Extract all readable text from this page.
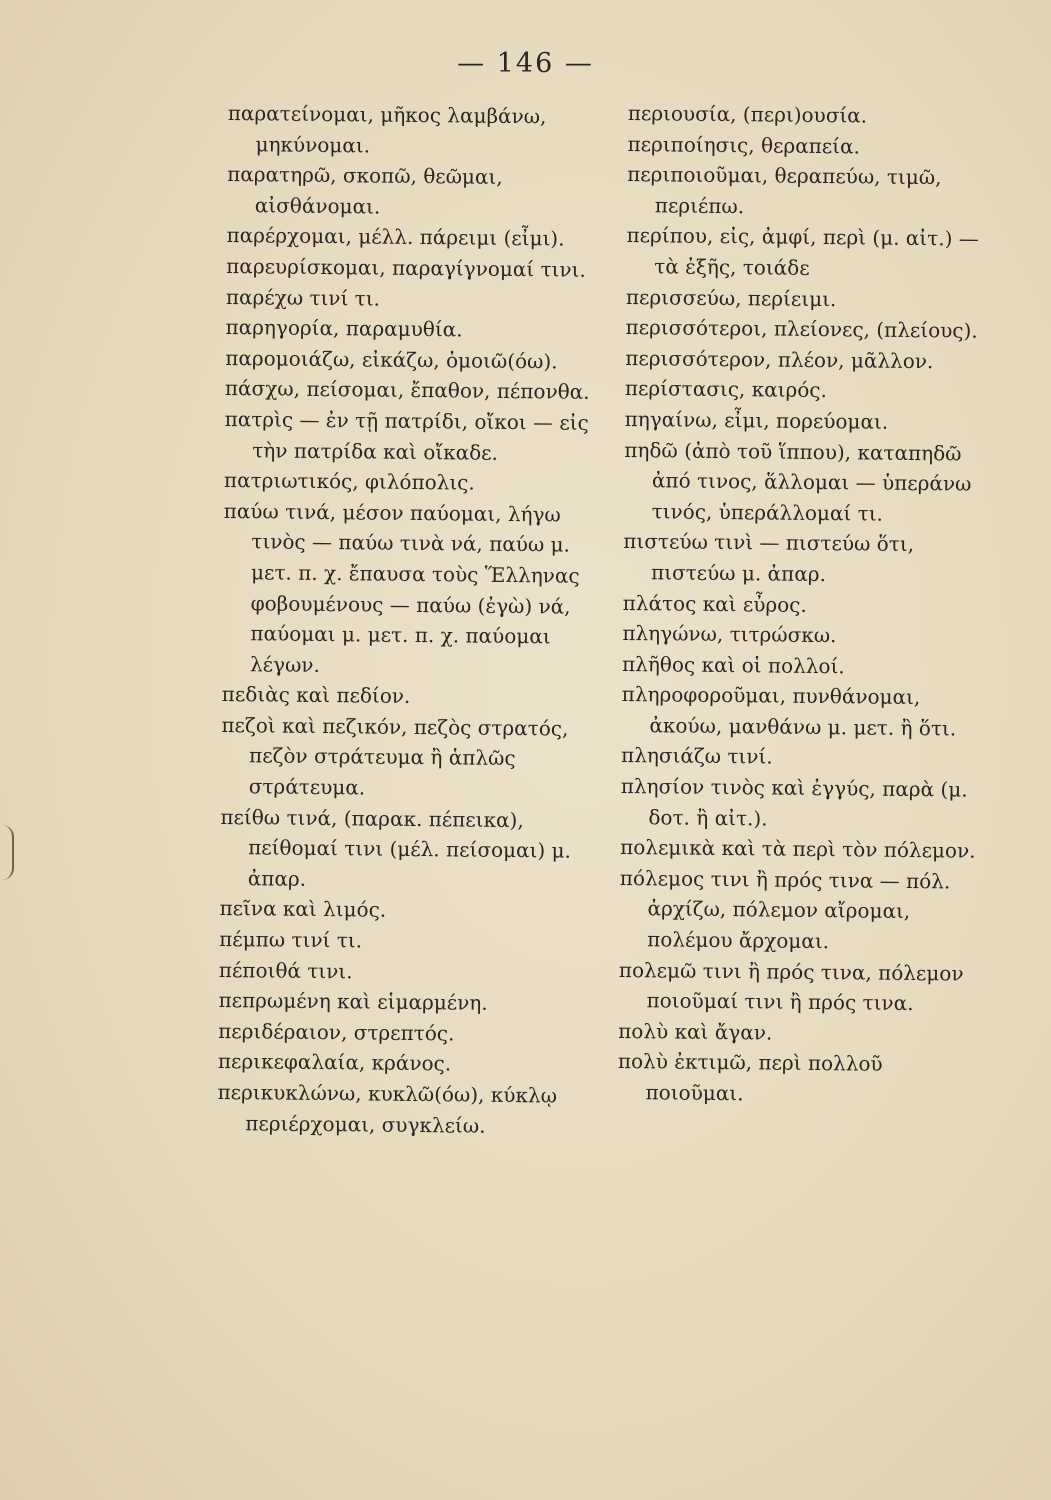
— 146 —
παρατείνομαι, μῆκος λαμβάνω, μηκύνομαι.
παρατηρῶ, σκοπῶ, θεῶμαι, αἰσθάνομαι.
παρέρχομαι, μέλλ. πάρειμι (εἶμι).
παρευρίσκομαι, παραγίγνομαί τινι.
παρέχω τινί τι.
παρηγορία, παραμυθία.
παρομοιάζω, εἰκάζω, ὁμοιῶ(όω).
πάσχω, πείσομαι, ἔπαθον, πέπονθα.
πατρὶς — ἐν τῇ πατρίδι, οἴκοι — εἰς τὴν πατρίδα καὶ οἴκαδε.
πατριωτικός, φιλόπολις.
παύω τινά, μέσον παύομαι, λήγω τινὸς — παύω τινὰ νά, παύω μ. μετ. π. χ. ἔπαυσα τοὺς Ἕλληνας φοβουμένους — παύω (ἐγὼ) νά, παύομαι μ. μετ. π. χ. παύομαι λέγων.
πεδιὰς καὶ πεδίον.
πεζοὶ καὶ πεζικόν, πεζὸς στρατός, πεζὸν στράτευμα ἢ ἁπλῶς στράτευμα.
πείθω τινά, (παρακ. πέπεικα), πείθομαί τινι (μέλ. πείσομαι) μ. ἀπαρ.
πεῖνα καὶ λιμός.
πέμπω τινί τι.
πέποιθά τινι.
πεπρωμένη καὶ εἱμαρμένη.
περιδέραιον, στρεπτός.
περικεφαλαία, κράνος.
περικυκλώνω, κυκλῶ(όω), κύκλῳ περιέρχομαι, συγκλείω.
περιουσία, (περι)ουσία.
περιποίησις, θεραπεία.
περιποιοῦμαι, θεραπεύω, τιμῶ, περιέπω.
περίπου, εἰς, ἀμφί, περὶ (μ. αἰτ.) — τὰ ἐξῆς, τοιάδε
περισσεύω, περίειμι.
περισσότεροι, πλείονες, (πλείους).
περισσότερον, πλέον, μᾶλλον.
περίστασις, καιρός.
πηγαίνω, εἶμι, πορεύομαι.
πηδῶ (ἀπὸ τοῦ ἵππου), καταπηδῶ ἀπό τινος, ἅλλομαι — ὑπεράνω τινός, ὑπεράλλομαί τι.
πιστεύω τινὶ — πιστεύω ὅτι, πιστεύω μ. ἀπαρ.
πλάτος καὶ εὖρος.
πληγώνω, τιτρώσκω.
πλῆθος καὶ οἱ πολλοί.
πληροφοροῦμαι, πυνθάνομαι, ἀκούω, μανθάνω μ. μετ. ἢ ὅτι.
πλησιάζω τινί.
πλησίον τινὸς καὶ ἐγγύς, παρὰ (μ. δοτ. ἢ αἰτ.).
πολεμικὰ καὶ τὰ περὶ τὸν πόλεμον.
πόλεμος τινι ἢ πρός τινα — πόλ. ἀρχίζω, πόλεμον αἴρομαι, πολέμου ἄρχομαι.
πολεμῶ τινι ἢ πρός τινα, πόλεμον ποιοῦμαί τινι ἢ πρός τινα.
πολὺ καὶ ἄγαν.
πολὺ ἐκτιμῶ, περὶ πολλοῦ ποιοῦμαι.
